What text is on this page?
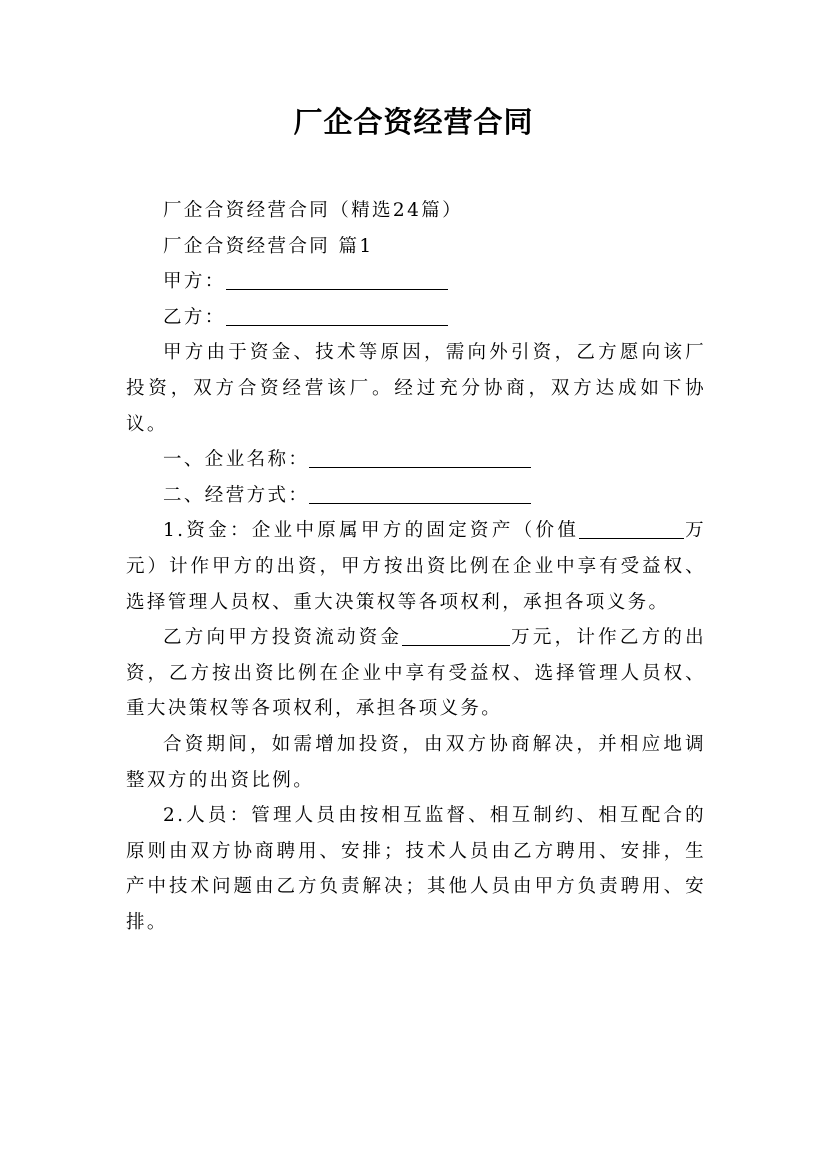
厂企合资经营合同

厂企合资经营合同（精选24篇）

厂企合资经营合同 篇1

甲方：

乙方：

甲方由于资金、技术等原因，需向外引资，乙方愿向该厂投资，双方合资经营该厂。经过充分协商，双方达成如下协议。

一、企业名称：

二、经营方式：

1.资金：企业中原属甲方的固定资产（价值	万元）计作甲方的出资，甲方按出资比例在企业中享有受益权、选择管理人员权、重大决策权等各项权利，承担各项义务。

乙方向甲方投资流动资金	万元，计作乙方的出资，乙方按出资比例在企业中享有受益权、选择管理人员权、重大决策权等各项权利，承担各项义务。

合资期间，如需增加投资，由双方协商解决，并相应地调整双方的出资比例。

2.人员：管理人员由按相互监督、相互制约、相互配合的原则由双方协商聘用、安排；技术人员由乙方聘用、安排，生产中技术问题由乙方负责解决；其他人员由甲方负责聘用、安排。
